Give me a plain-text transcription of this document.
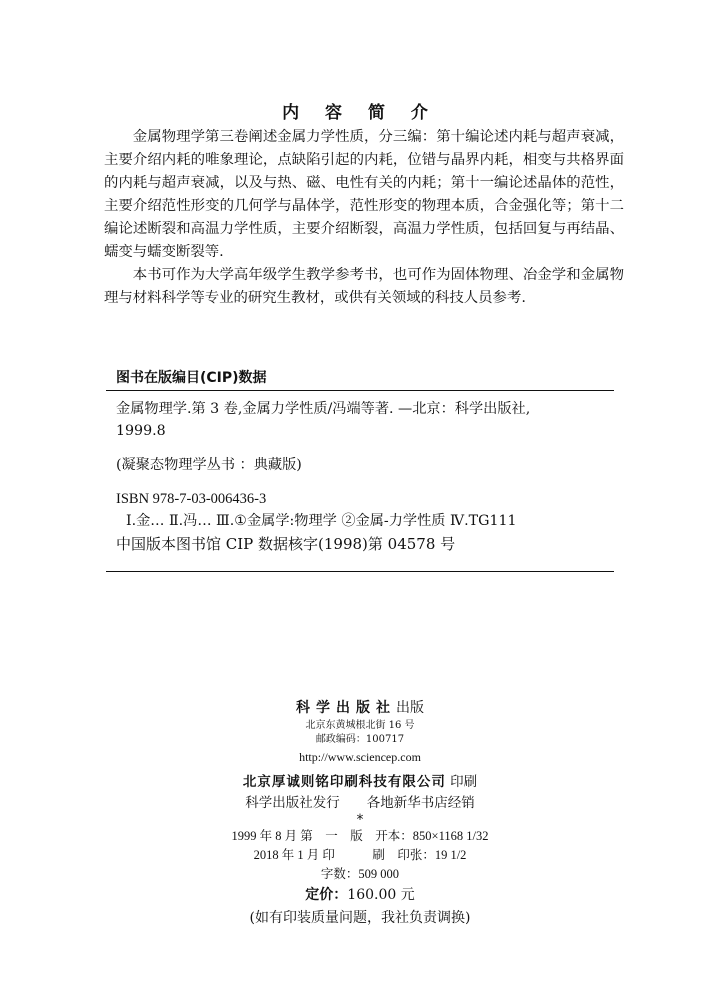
内 容 简 介

金属物理学第三卷阐述金属力学性质，分三编：第十编论述内耗与超声衰减，主要介绍内耗的唯象理论，点缺陷引起的内耗，位错与晶界内耗，相变与共格界面的内耗与超声衰减，以及与热、磁、电性有关的内耗；第十一编论述晶体的范性，主要介绍范性形变的几何学与晶体学，范性形变的物理本质，合金强化等；第十二编论述断裂和高温力学性质，主要介绍断裂，高温力学性质，包括回复与再结晶、蠕变与蠕变断裂等.

本书可作为大学高年级学生教学参考书，也可作为固体物理、冶金学和金属物理与材料科学等专业的研究生教材，或供有关领域的科技人员参考.

图书在版编目(CIP)数据
金属物理学.第 3 卷,金属力学性质/冯端等著. —北京：科学出版社,
1999.8
(凝聚态物理学丛书 ：典藏版)
ISBN 978-7-03-006436-3
Ⅰ.金… Ⅱ.冯… Ⅲ.①金属学:物理学 ②金属-力学性质 Ⅳ.TG111
中国版本图书馆 CIP 数据核字(1998)第 04578 号
科学出版社出版
北京东黄城根北街 16 号
邮政编码：100717
http://www.sciencep.com
北京厚诚则铭印刷科技有限公司 印刷
科学出版社发行　　各地新华书店经销
*
1999 年 8 月 第　一　版　开本：850×1168 1/32
2018 年 1 月 印　　　刷　印张：19 1/2
字数：509 000
定价：160.00 元
(如有印装质量问题，我社负责调换)
